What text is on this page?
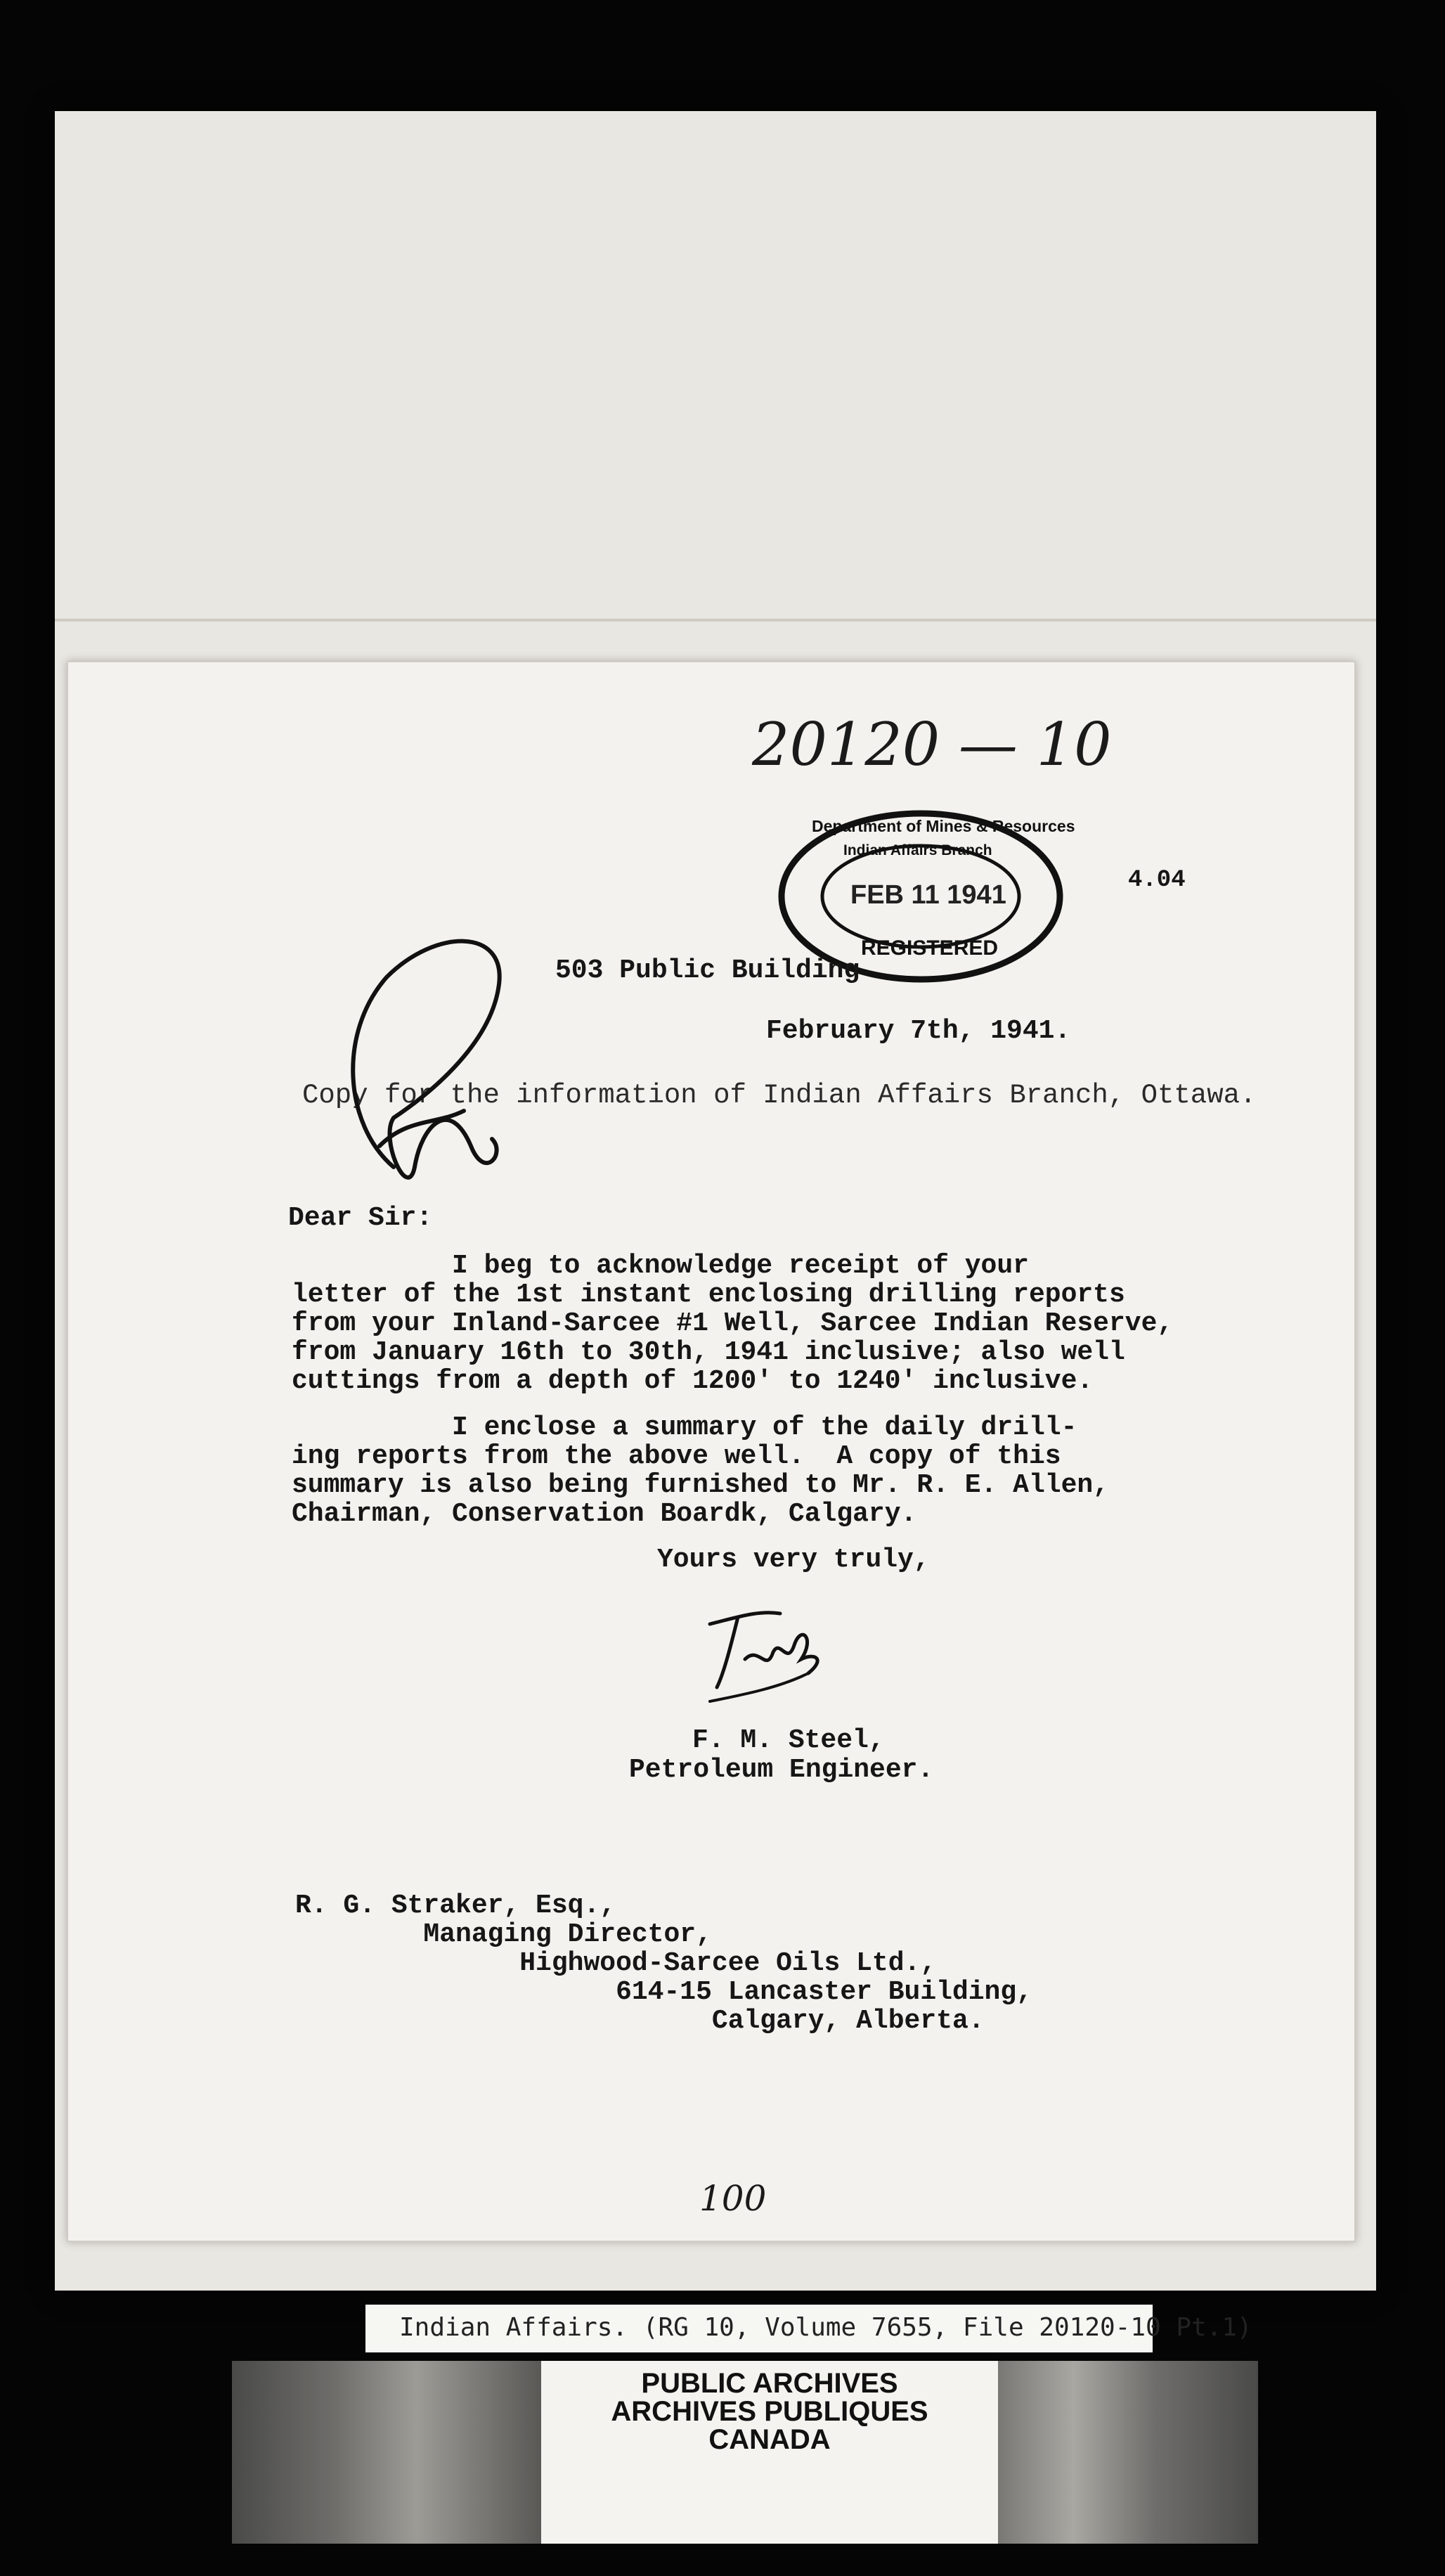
20120 — 10
Department of Mines & Resources
Indian Affairs Branch
FEB 11 1941
REGISTERED
4.04
503 Public Building
February 7th, 1941.
Copy for the information of Indian Affairs Branch, Ottawa.
Dear Sir:
I beg to acknowledge receipt of your
letter of the 1st instant enclosing drilling reports
from your Inland-Sarcee #1 Well, Sarcee Indian Reserve,
from January 16th to 30th, 1941 inclusive; also well
cuttings from a depth of 1200' to 1240' inclusive.
I enclose a summary of the daily drill-
ing reports from the above well.  A copy of this
summary is also being furnished to Mr. R. E. Allen,
Chairman, Conservation Boardk, Calgary.
Yours very truly,
F. M. Steel,
Petroleum Engineer.
R. G. Straker, Esq.,
Managing Director,
Highwood-Sarcee Oils Ltd.,
614-15 Lancaster Building,
Calgary, Alberta.
100
Indian Affairs. (RG 10, Volume 7655, File 20120-10 Pt.1)
PUBLIC ARCHIVES
ARCHIVES PUBLIQUES
CANADA
